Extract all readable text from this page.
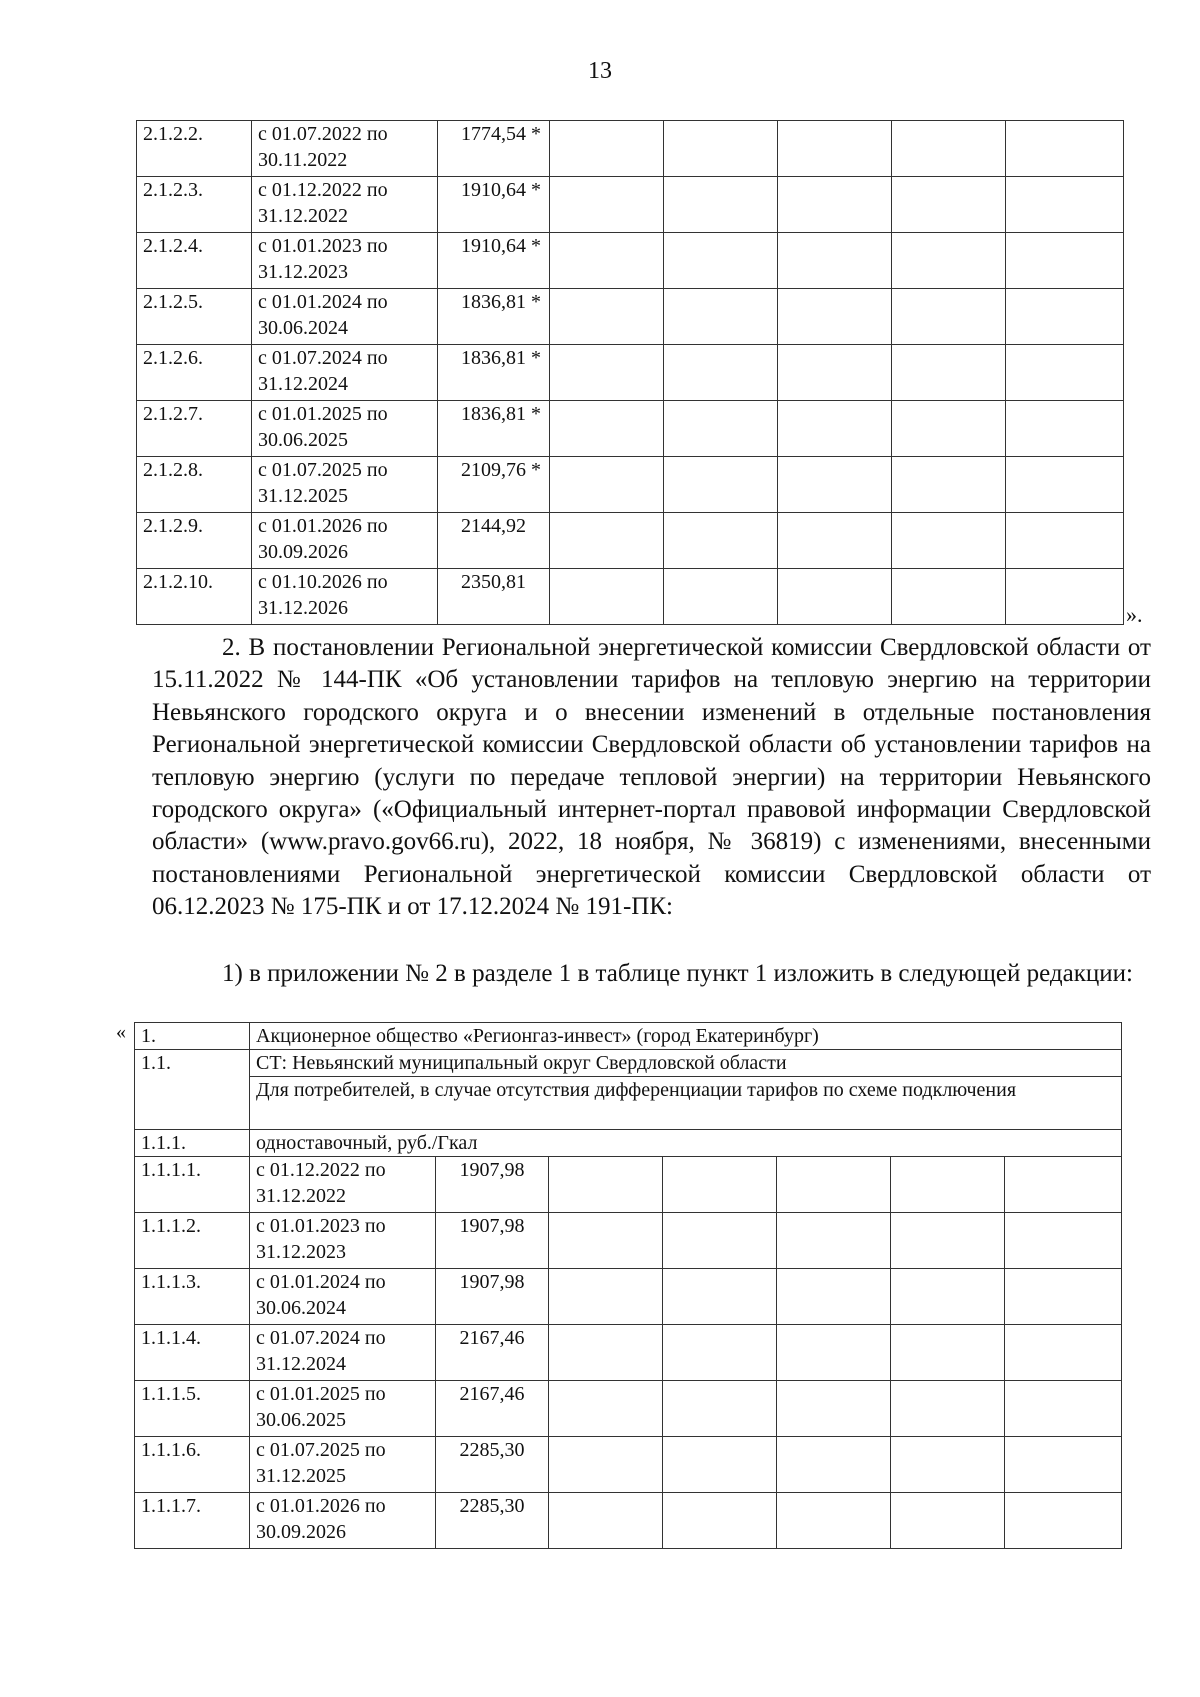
13
2.1.2.2.	с 01.07.2022 по 30.11.2022	1774,54 *					
2.1.2.3.	с 01.12.2022 по 31.12.2022	1910,64 *					
2.1.2.4.	с 01.01.2023 по 31.12.2023	1910,64 *					
2.1.2.5.	с 01.01.2024 по 30.06.2024	1836,81 *					
2.1.2.6.	с 01.07.2024 по 31.12.2024	1836,81 *					
2.1.2.7.	с 01.01.2025 по 30.06.2025	1836,81 *					
2.1.2.8.	с 01.07.2025 по 31.12.2025	2109,76 *					
2.1.2.9.	с 01.01.2026 по 30.09.2026	2144,92					
2.1.2.10.	с 01.10.2026 по 31.12.2026	2350,81					
».
2. В постановлении Региональной энергетической комиссии Свердловской области от 15.11.2022 № 144-ПК «Об установлении тарифов на тепловую энергию на территории Невьянского городского округа и о внесении изменений в отдельные постановления Региональной энергетической комиссии Свердловской области об установлении тарифов на тепловую энергию (услуги по передаче тепловой энергии) на территории Невьянского городского округа» («Официальный интернет-портал правовой информации Свердловской области» (www.pravo.gov66.ru), 2022, 18 ноября, № 36819) с изменениями, внесенными постановлениями Региональной энергетической комиссии Свердловской области от 06.12.2023 № 175-ПК и от 17.12.2024 № 191-ПК:
1) в приложении № 2 в разделе 1 в таблице пункт 1 изложить в следующей редакции:
« 1.	Акционерное общество «Регионгаз-инвест» (город Екатеринбург)						
1.1.	СТ: Невьянский муниципальный округ Свердловской области						
	Для потребителей, в случае отсутствия дифференциации тарифов по схеме подключения						
1.1.1.	одноставочный, руб./Гкал						
1.1.1.1.	с 01.12.2022 по 31.12.2022	1907,98					
1.1.1.2.	с 01.01.2023 по 31.12.2023	1907,98					
1.1.1.3.	с 01.01.2024 по 30.06.2024	1907,98					
1.1.1.4.	с 01.07.2024 по 31.12.2024	2167,46					
1.1.1.5.	с 01.01.2025 по 30.06.2025	2167,46					
1.1.1.6.	с 01.07.2025 по 31.12.2025	2285,30					
1.1.1.7.	с 01.01.2026 по 30.09.2026	2285,30					
